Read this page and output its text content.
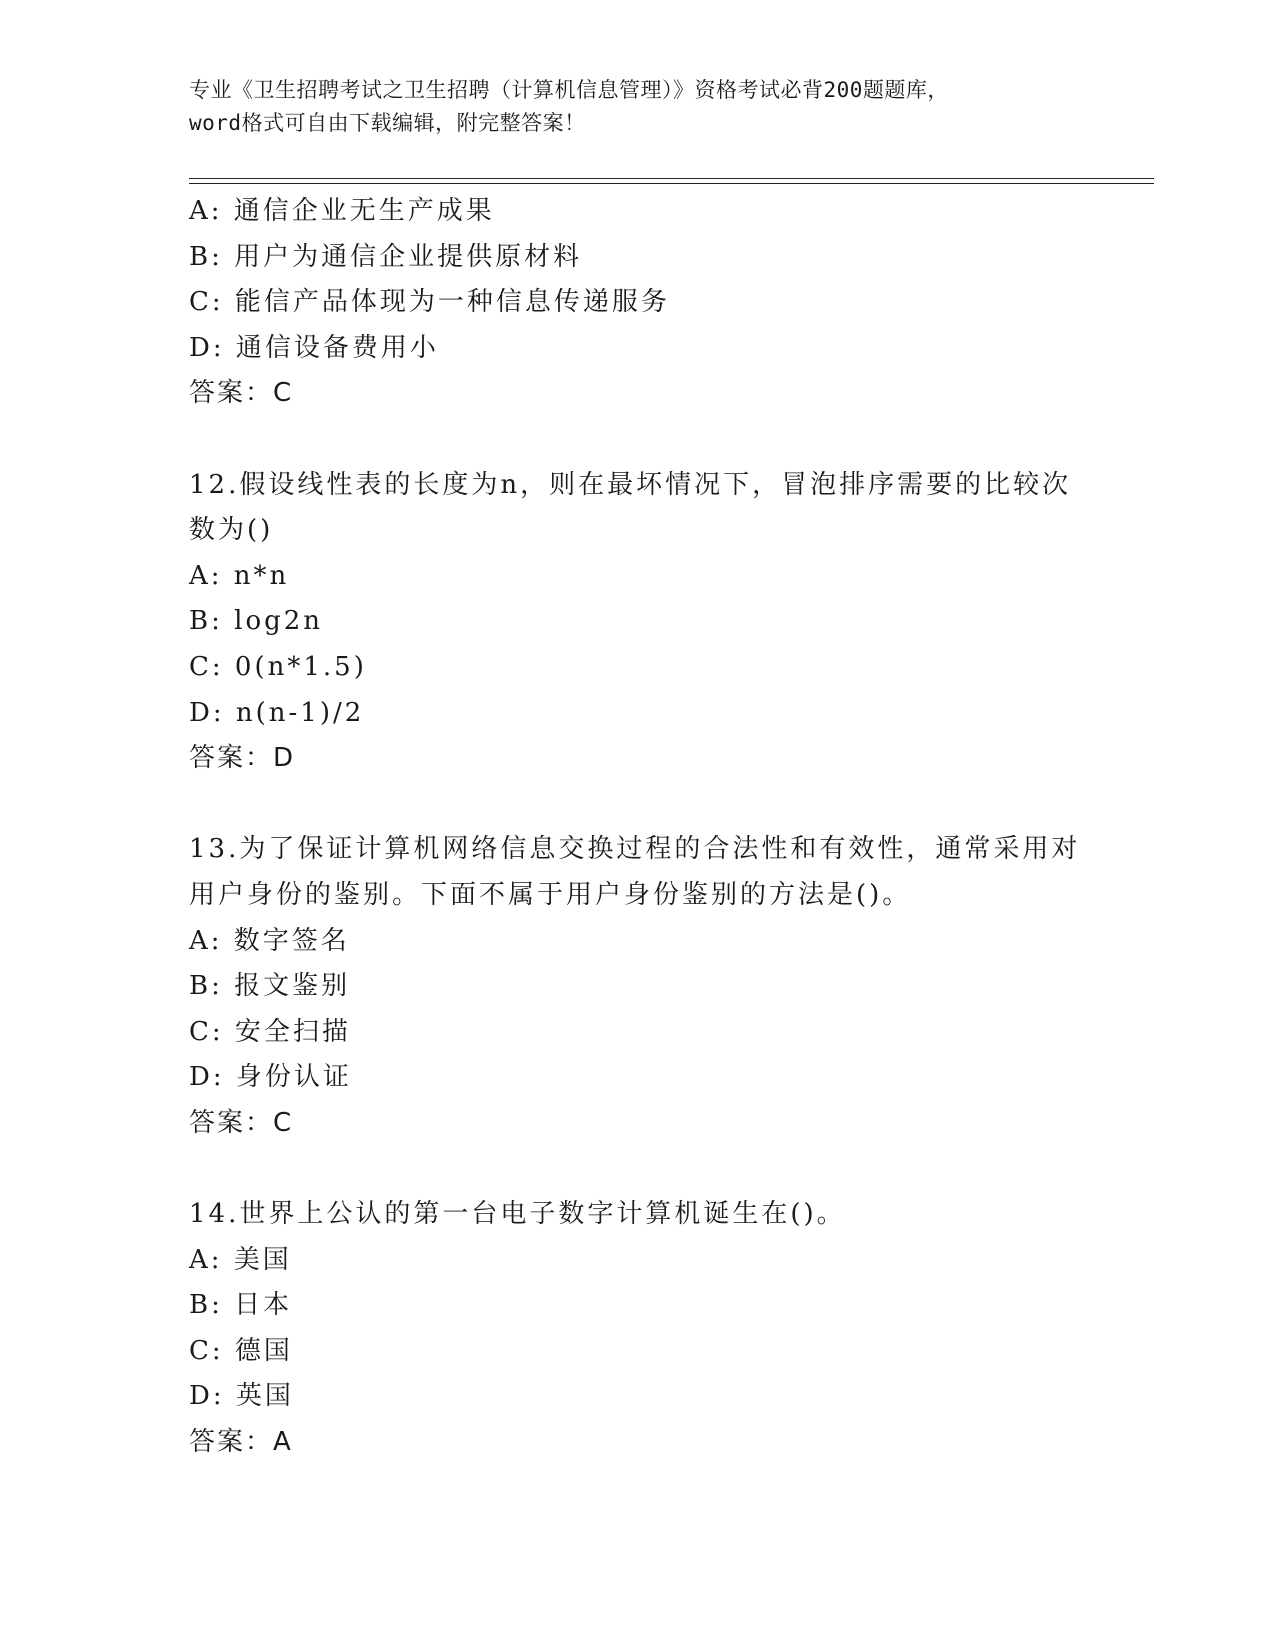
专业《卫生招聘考试之卫生招聘（计算机信息管理）》资格考试必背200题题库，
word格式可自由下载编辑，附完整答案！
A: 通信企业无生产成果
B: 用户为通信企业提供原材料
C: 能信产品体现为一种信息传递服务
D: 通信设备费用小
答案：C
12.假设线性表的长度为n，则在最坏情况下，冒泡排序需要的比较次
数为()
A: n*n
B: log2n
C: 0(n*1.5)
D: n(n-1)/2
答案：D
13.为了保证计算机网络信息交换过程的合法性和有效性，通常采用对
用户身份的鉴别。下面不属于用户身份鉴别的方法是()。
A: 数字签名
B: 报文鉴别
C: 安全扫描
D: 身份认证
答案：C
14.世界上公认的第一台电子数字计算机诞生在()。
A: 美国
B: 日本
C: 德国
D: 英国
答案：A
